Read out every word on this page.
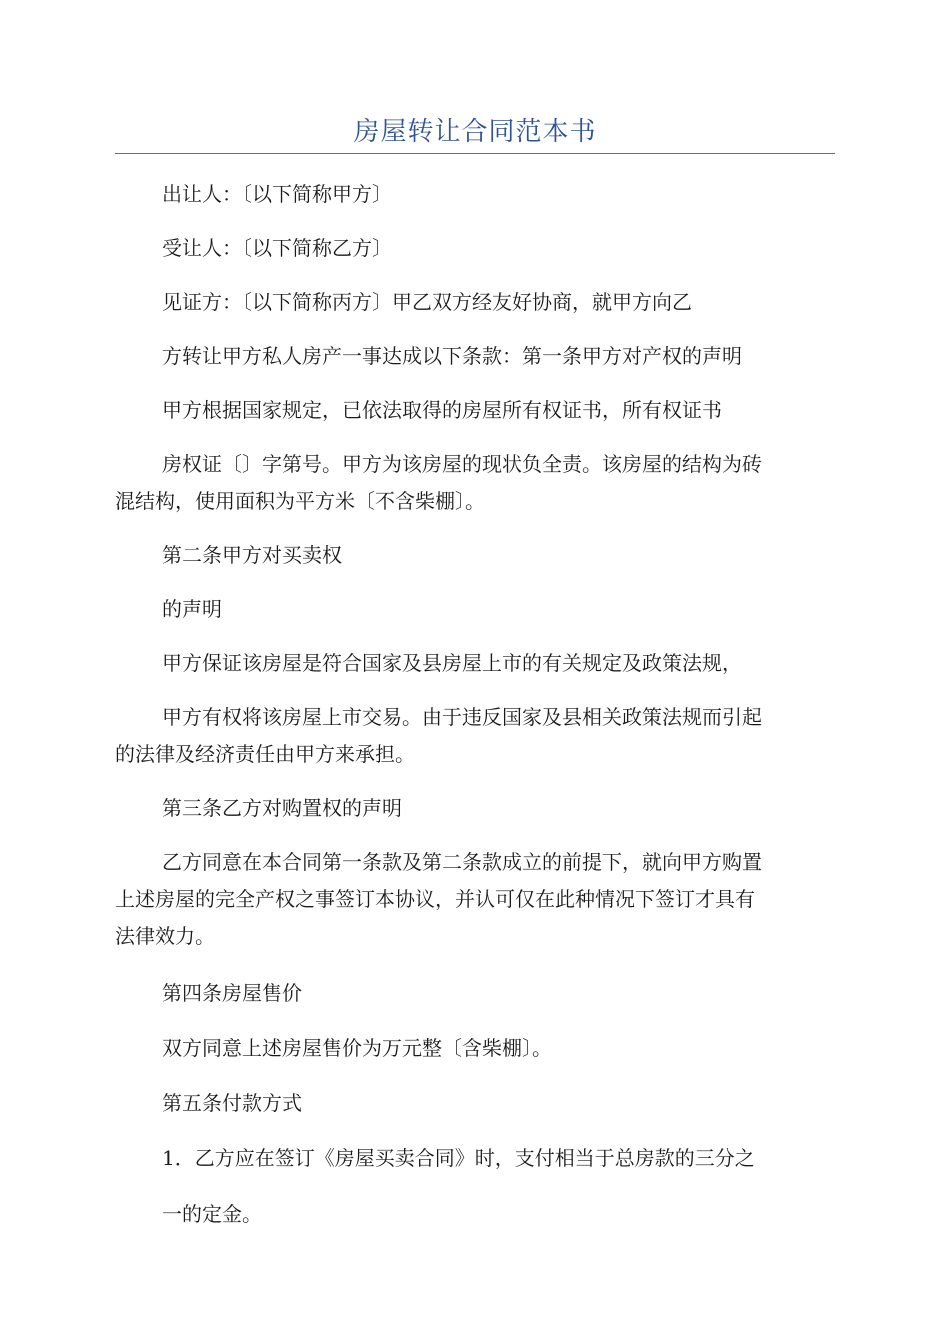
房屋转让合同范本书
出让人：〔以下简称甲方〕
受让人：〔以下简称乙方〕
见证方：〔以下简称丙方〕甲乙双方经友好协商，就甲方向乙
方转让甲方私人房产一事达成以下条款：第一条甲方对产权的声明
甲方根据国家规定，已依法取得的房屋所有权证书，所有权证书
房权证〔〕字第号。甲方为该房屋的现状负全责。该房屋的结构为砖
混结构，使用面积为平方米〔不含柴棚〕。
第二条甲方对买卖权
的声明
甲方保证该房屋是符合国家及县房屋上市的有关规定及政策法规，
甲方有权将该房屋上市交易。由于违反国家及县相关政策法规而引起
的法律及经济责任由甲方来承担。
第三条乙方对购置权的声明
乙方同意在本合同第一条款及第二条款成立的前提下，就向甲方购置
上述房屋的完全产权之事签订本协议，并认可仅在此种情况下签订才具有
法律效力。
第四条房屋售价
双方同意上述房屋售价为万元整〔含柴棚〕。
第五条付款方式
1．乙方应在签订《房屋买卖合同》时，支付相当于总房款的三分之
一的定金。
